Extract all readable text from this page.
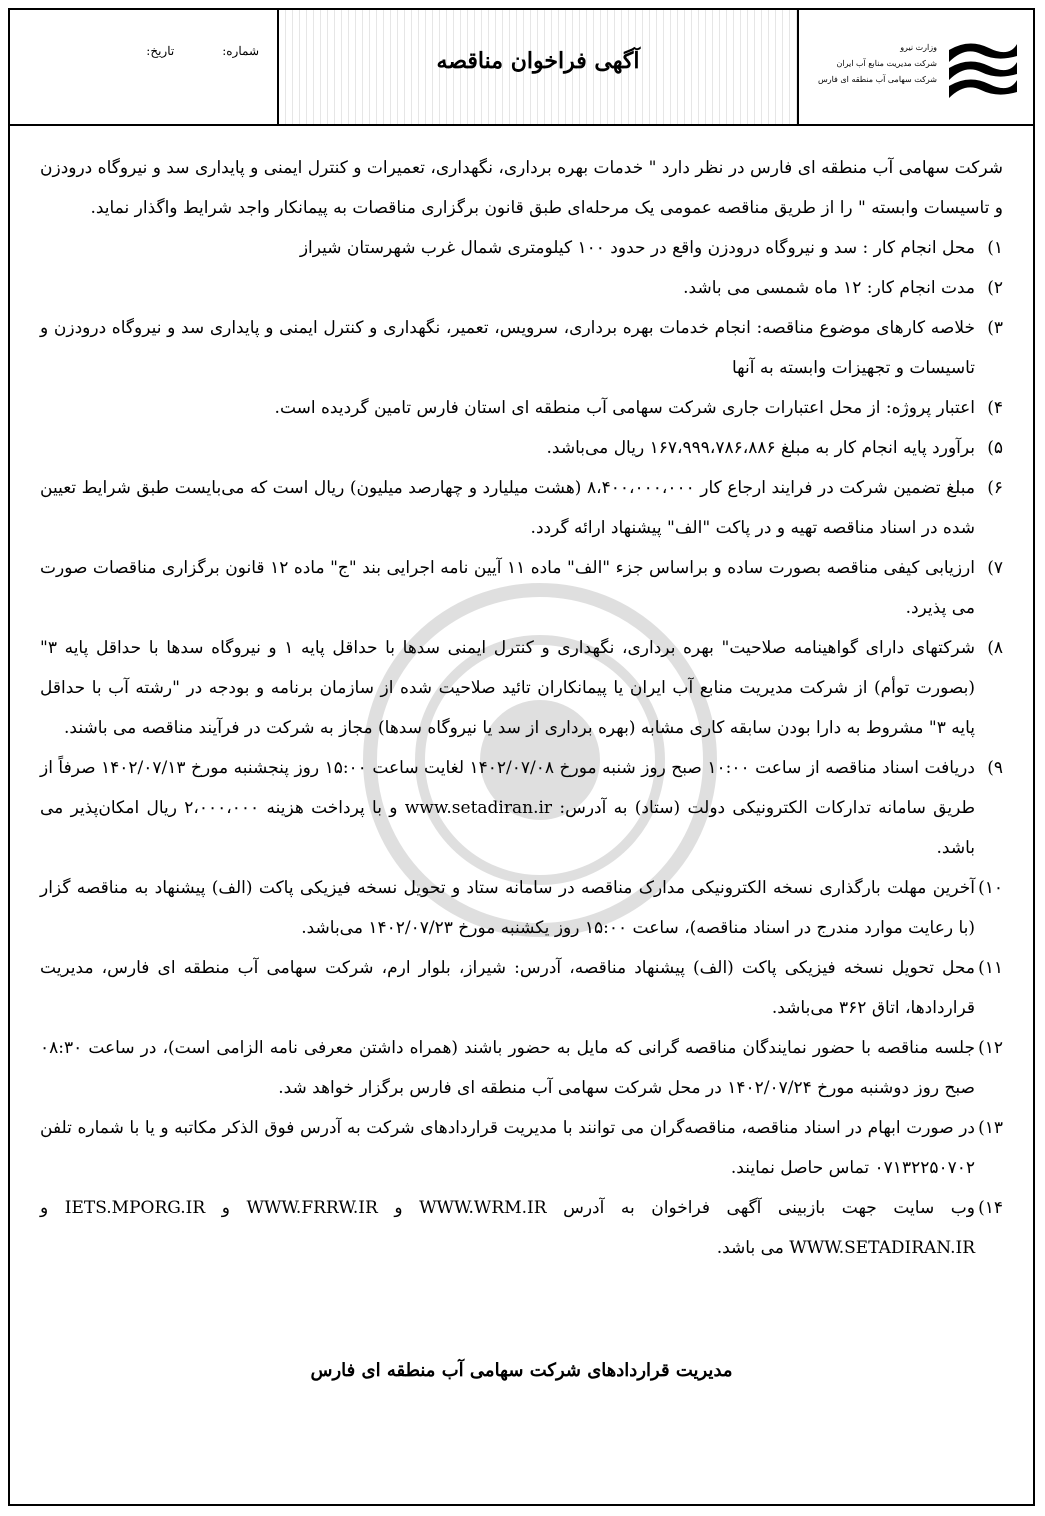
وزارت نیرو
شرکت مدیریت منابع آب ایران
شرکت سهامی آب منطقه ای فارس
آگهی فراخوان مناقصه
شماره:
تاریخ:

شرکت سهامی آب منطقه ای فارس در نظر دارد " خدمات بهره برداری، نگهداری، تعمیرات و کنترل ایمنی و پایداری سد و نیروگاه درودزن و تاسیسات وابسته " را از طریق مناقصه عمومی یک مرحله‌ای طبق قانون برگزاری مناقصات به پیمانکار واجد شرایط واگذار نماید.

۱)
محل انجام کار : سد و نیروگاه درودزن واقع در حدود ۱۰۰ کیلومتری شمال غرب شهرستان شیراز
۲)
مدت انجام کار: ۱۲ ماه شمسی می باشد.
۳)
خلاصه کارهای موضوع مناقصه: انجام خدمات بهره برداری، سرویس، تعمیر، نگهداری و کنترل ایمنی و پایداری سد و نیروگاه درودزن و تاسیسات و تجهیزات وابسته به آنها
۴)
اعتبار پروژه: از محل اعتبارات جاری شرکت سهامی آب منطقه ای استان فارس تامین گردیده است.
۵)
برآورد پایه انجام کار به مبلغ ۱۶۷،۹۹۹،۷۸۶،۸۸۶ ریال می‌باشد.
۶)
مبلغ تضمین شرکت در فرایند ارجاع کار ۸،۴۰۰،۰۰۰،۰۰۰ (هشت میلیارد و چهارصد میلیون) ریال است که می‌بایست طبق شرایط تعیین شده در اسناد مناقصه تهیه و در پاکت "الف" پیشنهاد ارائه گردد.
۷)
ارزیابی کیفی مناقصه بصورت ساده و براساس جزء "الف" ماده ۱۱ آیین نامه اجرایی بند "ج" ماده ۱۲ قانون برگزاری مناقصات صورت می پذیرد.
۸)
شرکتهای دارای گواهینامه صلاحیت" بهره برداری، نگهداری و کنترل ایمنی سدها با حداقل پایه ۱ و نیروگاه سدها با حداقل پایه ۳" (بصورت توأم) از شرکت مدیریت منابع آب ایران یا پیمانکاران تائید صلاحیت شده از سازمان برنامه و بودجه در "رشته آب با حداقل پایه ۳" مشروط به دارا بودن سابقه کاری مشابه (بهره برداری از سد یا نیروگاه سدها) مجاز به شرکت در فرآیند مناقصه می باشند.
۹)
دریافت اسناد مناقصه از ساعت ۱۰:۰۰ صبح روز شنبه مورخ ۱۴۰۲/۰۷/۰۸ لغایت ساعت ۱۵:۰۰ روز پنجشنبه مورخ ۱۴۰۲/۰۷/۱۳ صرفاً از طریق سامانه تدارکات الکترونیکی دولت (ستاد) به آدرس: www.setadiran.ir و با پرداخت هزینه ۲،۰۰۰،۰۰۰ ریال امکان‌پذیر می باشد.
۱۰)
آخرین مهلت بارگذاری نسخه الکترونیکی مدارک مناقصه در سامانه ستاد و تحویل نسخه فیزیکی پاکت (الف) پیشنهاد به مناقصه گزار (با رعایت موارد مندرج در اسناد مناقصه)، ساعت ۱۵:۰۰ روز یکشنبه مورخ ۱۴۰۲/۰۷/۲۳ می‌باشد.
۱۱)
محل تحویل نسخه فیزیکی پاکت (الف) پیشنهاد مناقصه، آدرس: شیراز، بلوار ارم، شرکت سهامی آب منطقه ای فارس، مدیریت قراردادها، اتاق ۳۶۲ می‌باشد.
۱۲)
جلسه مناقصه با حضور نمایندگان مناقصه گرانی که مایل به حضور باشند (همراه داشتن معرفی نامه الزامی است)، در ساعت ۰۸:۳۰ صبح روز دوشنبه مورخ ۱۴۰۲/۰۷/۲۴ در محل شرکت سهامی آب منطقه ای فارس برگزار خواهد شد.
۱۳)
در صورت ابهام در اسناد مناقصه، مناقصه‌گران می توانند با مدیریت قراردادهای شرکت به آدرس فوق الذکر مکاتبه و یا با شماره تلفن ۰۷۱۳۲۲۵۰۷۰۲ تماس حاصل نمایند.
۱۴)
وب سایت جهت بازبینی آگهی فراخوان به آدرس WWW.WRM.IR و WWW.FRRW.IR و IETS.MPORG.IR و WWW.SETADIRAN.IR می باشد.
مدیریت قراردادهای شرکت سهامی آب منطقه ای فارس
